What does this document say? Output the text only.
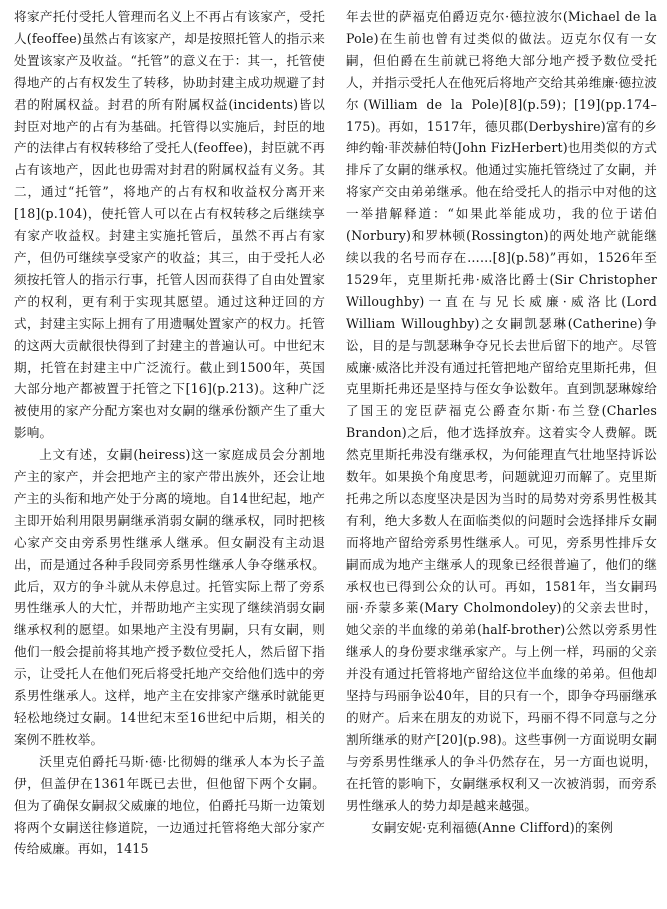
将家产托付受托人管理而名义上不再占有该家产，受托人(feoffee)虽然占有该家产，却是按照托管人的指示来处置该家产及收益。“托管”的意义在于：其一，托管使得地产的占有权发生了转移，协助封建主成功规避了封君的附属权益。封君的所有附属权益(incidents)皆以封臣对地产的占有为基础。托管得以实施后，封臣的地产的法律占有权转移给了受托人(feoffee)，封臣就不再占有该地产，因此也毋需对封君的附属权益有义务。其二，通过“托管”，将地产的占有权和收益权分离开来[18](p.104)，使托管人可以在占有权转移之后继续享有家产收益权。封建主实施托管后，虽然不再占有家产，但仍可继续享受家产的收益；其三，由于受托人必须按托管人的指示行事，托管人因而获得了自由处置家产的权利，更有利于实现其愿望。通过这种迂回的方式，封建主实际上拥有了用遗嘱处置家产的权力。托管的这两大贡献很快得到了封建主的普遍认可。中世纪末期，托管在封建主中广泛流行。截止到1500年，英国大部分地产都被置于托管之下[16](p.213)。这种广泛被使用的家产分配方案也对女嗣的继承份额产生了重大影响。

上文有述，女嗣(heiress)这一家庭成员会分割地产主的家产，并会把地产主的家产带出族外，还会让地产主的头衔和地产处于分离的境地。自14世纪起，地产主即开始利用限男嗣继承消弱女嗣的继承权，同时把核心家产交由旁系男性继承人继承。但女嗣没有主动退出，而是通过各种手段同旁系男性继承人争夺继承权。此后，双方的争斗就从未停息过。托管实际上帮了旁系男性继承人的大忙，并帮助地产主实现了继续消弱女嗣继承权利的愿望。如果地产主没有男嗣，只有女嗣，则他们一般会提前将其地产授予数位受托人，然后留下指示，让受托人在他们死后将受托地产交给他们选中的旁系男性继承人。这样，地产主在安排家产继承时就能更轻松地绕过女嗣。14世纪末至16世纪中后期，相关的案例不胜枚举。

沃里克伯爵托马斯·德·比彻姆的继承人本为长子盖伊，但盖伊在1361年既已去世，但他留下两个女嗣。但为了确保女嗣叔父威廉的地位，伯爵托马斯一边策划将两个女嗣送往修道院，一边通过托管将绝大部分家产传给威廉。再如，1415

年去世的萨福克伯爵迈克尔·德拉波尔(Michael de la Pole)在生前也曾有过类似的做法。迈克尔仅有一女嗣，但伯爵在生前就已将绝大部分地产授予数位受托人，并指示受托人在他死后将地产交给其弟维廉·德拉波尔(William de la Pole)[8](p.59)；[19](pp.174–175)。再如，1517年，德贝郡(Derbyshire)富有的乡绅约翰·菲茨赫伯特(John FizHerbert)也用类似的方式排斥了女嗣的继承权。他通过实施托管绕过了女嗣，并将家产交由弟弟继承。他在给受托人的指示中对他的这一举措解释道：“如果此举能成功，我的位于诺伯(Norbury)和罗林顿(Rossington)的两处地产就能继续以我的名号而存在……[8](p.58)”再如，1526年至1529年，克里斯托弗·威洛比爵士(Sir Christopher Willoughby)一直在与兄长威廉·威洛比(Lord William Willoughby)之女嗣凯瑟琳(Catherine)争讼，目的是与凯瑟琳争夺兄长去世后留下的地产。尽管威廉·威洛比并没有通过托管把地产留给克里斯托弗，但克里斯托弗还是坚持与侄女争讼数年。直到凯瑟琳嫁给了国王的宠臣萨福克公爵查尔斯·布兰登(Charles Brandon)之后，他才选择放弃。这着实令人费解。既然克里斯托弗没有继承权，为何能理直气壮地坚持诉讼数年。如果换个角度思考，问题就迎刃而解了。克里斯托弗之所以态度坚决是因为当时的局势对旁系男性极其有利，绝大多数人在面临类似的问题时会选择排斥女嗣而将地产留给旁系男性继承人。可见，旁系男性排斥女嗣而成为地产主继承人的现象已经很普遍了，他们的继承权也已得到公众的认可。再如，1581年，当女嗣玛丽·乔蒙多莱(Mary Cholmondoley)的父亲去世时，她父亲的半血缘的弟弟(half-brother)公然以旁系男性继承人的身份要求继承家产。与上例一样，玛丽的父亲并没有通过托管将地产留给这位半血缘的弟弟。但他却坚持与玛丽争讼40年，目的只有一个，即争夺玛丽继承的财产。后来在朋友的劝说下，玛丽不得不同意与之分割所继承的财产[20](p.98)。这些事例一方面说明女嗣与旁系男性继承人的争斗仍然存在，另一方面也说明，在托管的影响下，女嗣继承权利又一次被消弱，而旁系男性继承人的势力却是越来越强。

女嗣安妮·克利福德(Anne Clifford)的案例
